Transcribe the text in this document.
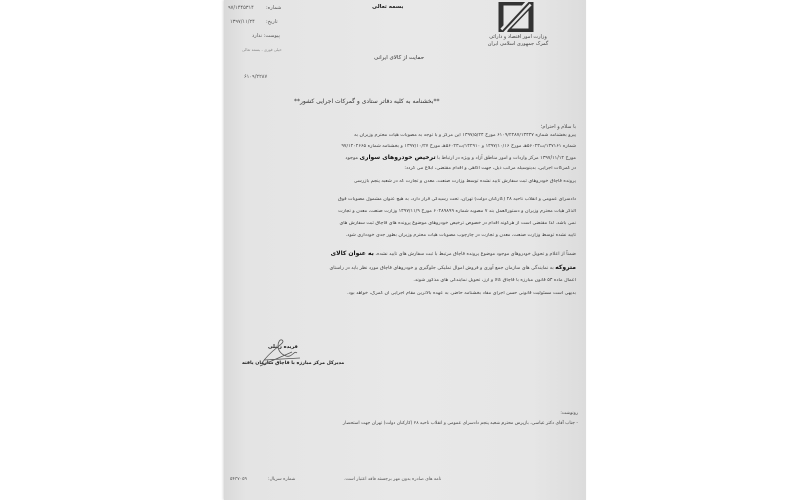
وزارت امور اقتصاد و دارائی
گمرک جمهوری اسلامی ایران
بسمه تعالی
شماره:
۹۷/۱۴۴۵۳۱۴
تاریخ:
۱۳۹۷/۱۱/۲۴
پیوست: ندارد
خیلی فوری - بسمه تعالی
۶۱۰۹/۲۲۸۷
حمایت از کالای ایرانی
**بخشنامه به کلیه دفاتر ستادی و گمرکات اجرایی کشور**
با سلام و احترام؛
پیرو بخشنامه شماره ۶۱۰۹/۲۲۸۷/۱۳۴۴۷ مورخ ۱۳۹۷/۵/۲۴ این مرکز و با توجه به مصوبات هیأت محترم وزیران به
شماره ۱۳۷۱۶۱/ت۵۶۰۲۳هـ مورخ ۱۳۹۷/۱۰/۱۶ و ۱۴۲۹۱۰/ت۵۶۰۲۳هـ مورخ ۱۳۹۷/۱۰/۲۷ و بخشنامه شماره ۹۷/۱۲۰۲۶۶۵
مورخ ۱۳۹۷/۱۱/۱۴ مرکز واردات و امور مناطق آزاد و ویژه در ارتباط با ترخیص خودروهای سواری موجود
در گمرکات اجرایی، بدینوسیله مراتب ذیل، جهت آگاهی و اقدام مقتضی، ابلاغ می گردد:
پرونده قاچاق خودروهای ثبت سفارش تایید نشده توسط وزارت صنعت، معدن و تجارت که در شعبه پنجم بازرسی
دادسرای عمومی و انقلاب ناحیه ۲۸ (کارکنان دولت) تهران، تحت رسیدگی قرار دارد، به هیچ عنوان مشمول مصوبات فوق
الذکر هیأت محترم وزیران و دستورالعمل بند ۷ مصوبه شماره ۶۰۲۸۹۸۹۹ مورخ ۱۳۹۷/۱۱/۹ وزارت صنعت، معدن و تجارت
نمی باشد. لذا مقتضی است از هرگونه اقدام در خصوص ترخیص خودروهای موضوع پرونده های قاچاق ثبت سفارش های
تایید نشده توسط وزارت صنعت، معدن و تجارت در چارچوب مصوبات هیأت محترم وزیران بطور جدی خودداری شود.
ضمناً از اعلام و تحویل خودروهای موجود موضوع پرونده قاچاق مرتبط با ثبت سفارش های تایید نشده، به عنوان کالای
متروکه به نمایندگی های سازمان جمع آوری و فروش اموال تملیکی جلوگیری و خودروهای قاچاق مورد نظر باید در راستای
اعمال ماده ۵۳ قانون مبارزه با قاچاق کالا و ارز، تحویل نمایندگی های مذکور شوند.
بدیهی است مسئولیت قانونی حسن اجرای مفاد بخشنامه حاضر، به عهده بالاترین مقام اجرایی آن گمرک، خواهد بود.
فریده زینلی
مدیرکل مرکز مبارزه با قاچاق سازمان یافته
رونوشت:
- جناب آقای دکتر عباسی، بازپرس محترم شعبه پنجم دادسرای عمومی و انقلاب ناحیه ۲۸ (کارکنان دولت) تهران جهت استحضار
نامه های صادره بدون مهر برجسته فاقد اعتبار است.
شماره سریال:
۵۴۳۷۰۵۹
